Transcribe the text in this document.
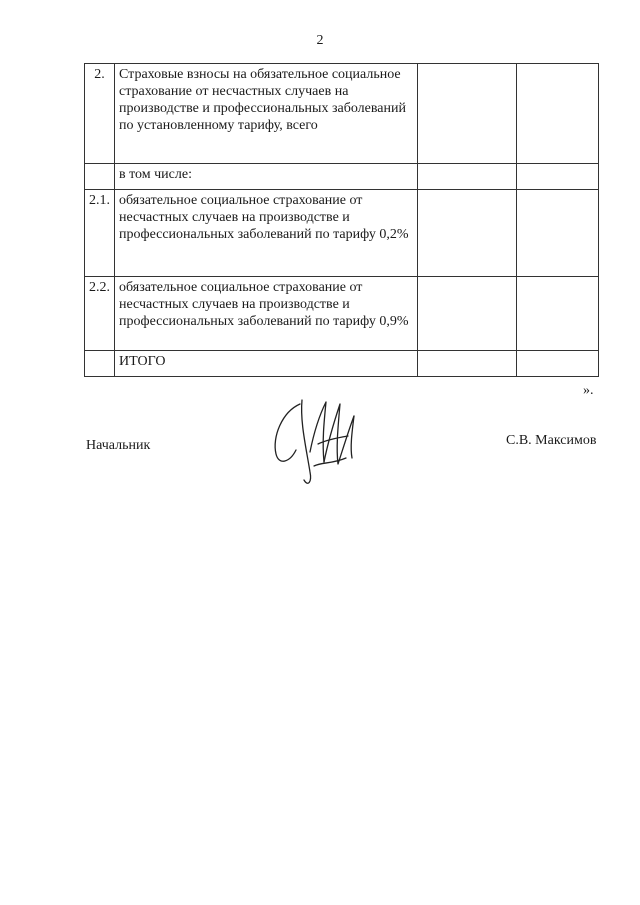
2
2.	Страховые взносы на обязательное социальное страхование от несчастных случаев на производстве и профессиональных заболеваний по установленному тарифу, всего		
	в том числе:		
2.1.	обязательное социальное страхование от несчастных случаев на производстве и профессиональных заболеваний по тарифу 0,2%		
2.2.	обязательное социальное страхование от несчастных случаев на производстве и профессиональных заболеваний по тарифу 0,9%		
	ИТОГО		
».
Начальник	С.В. Максимов
